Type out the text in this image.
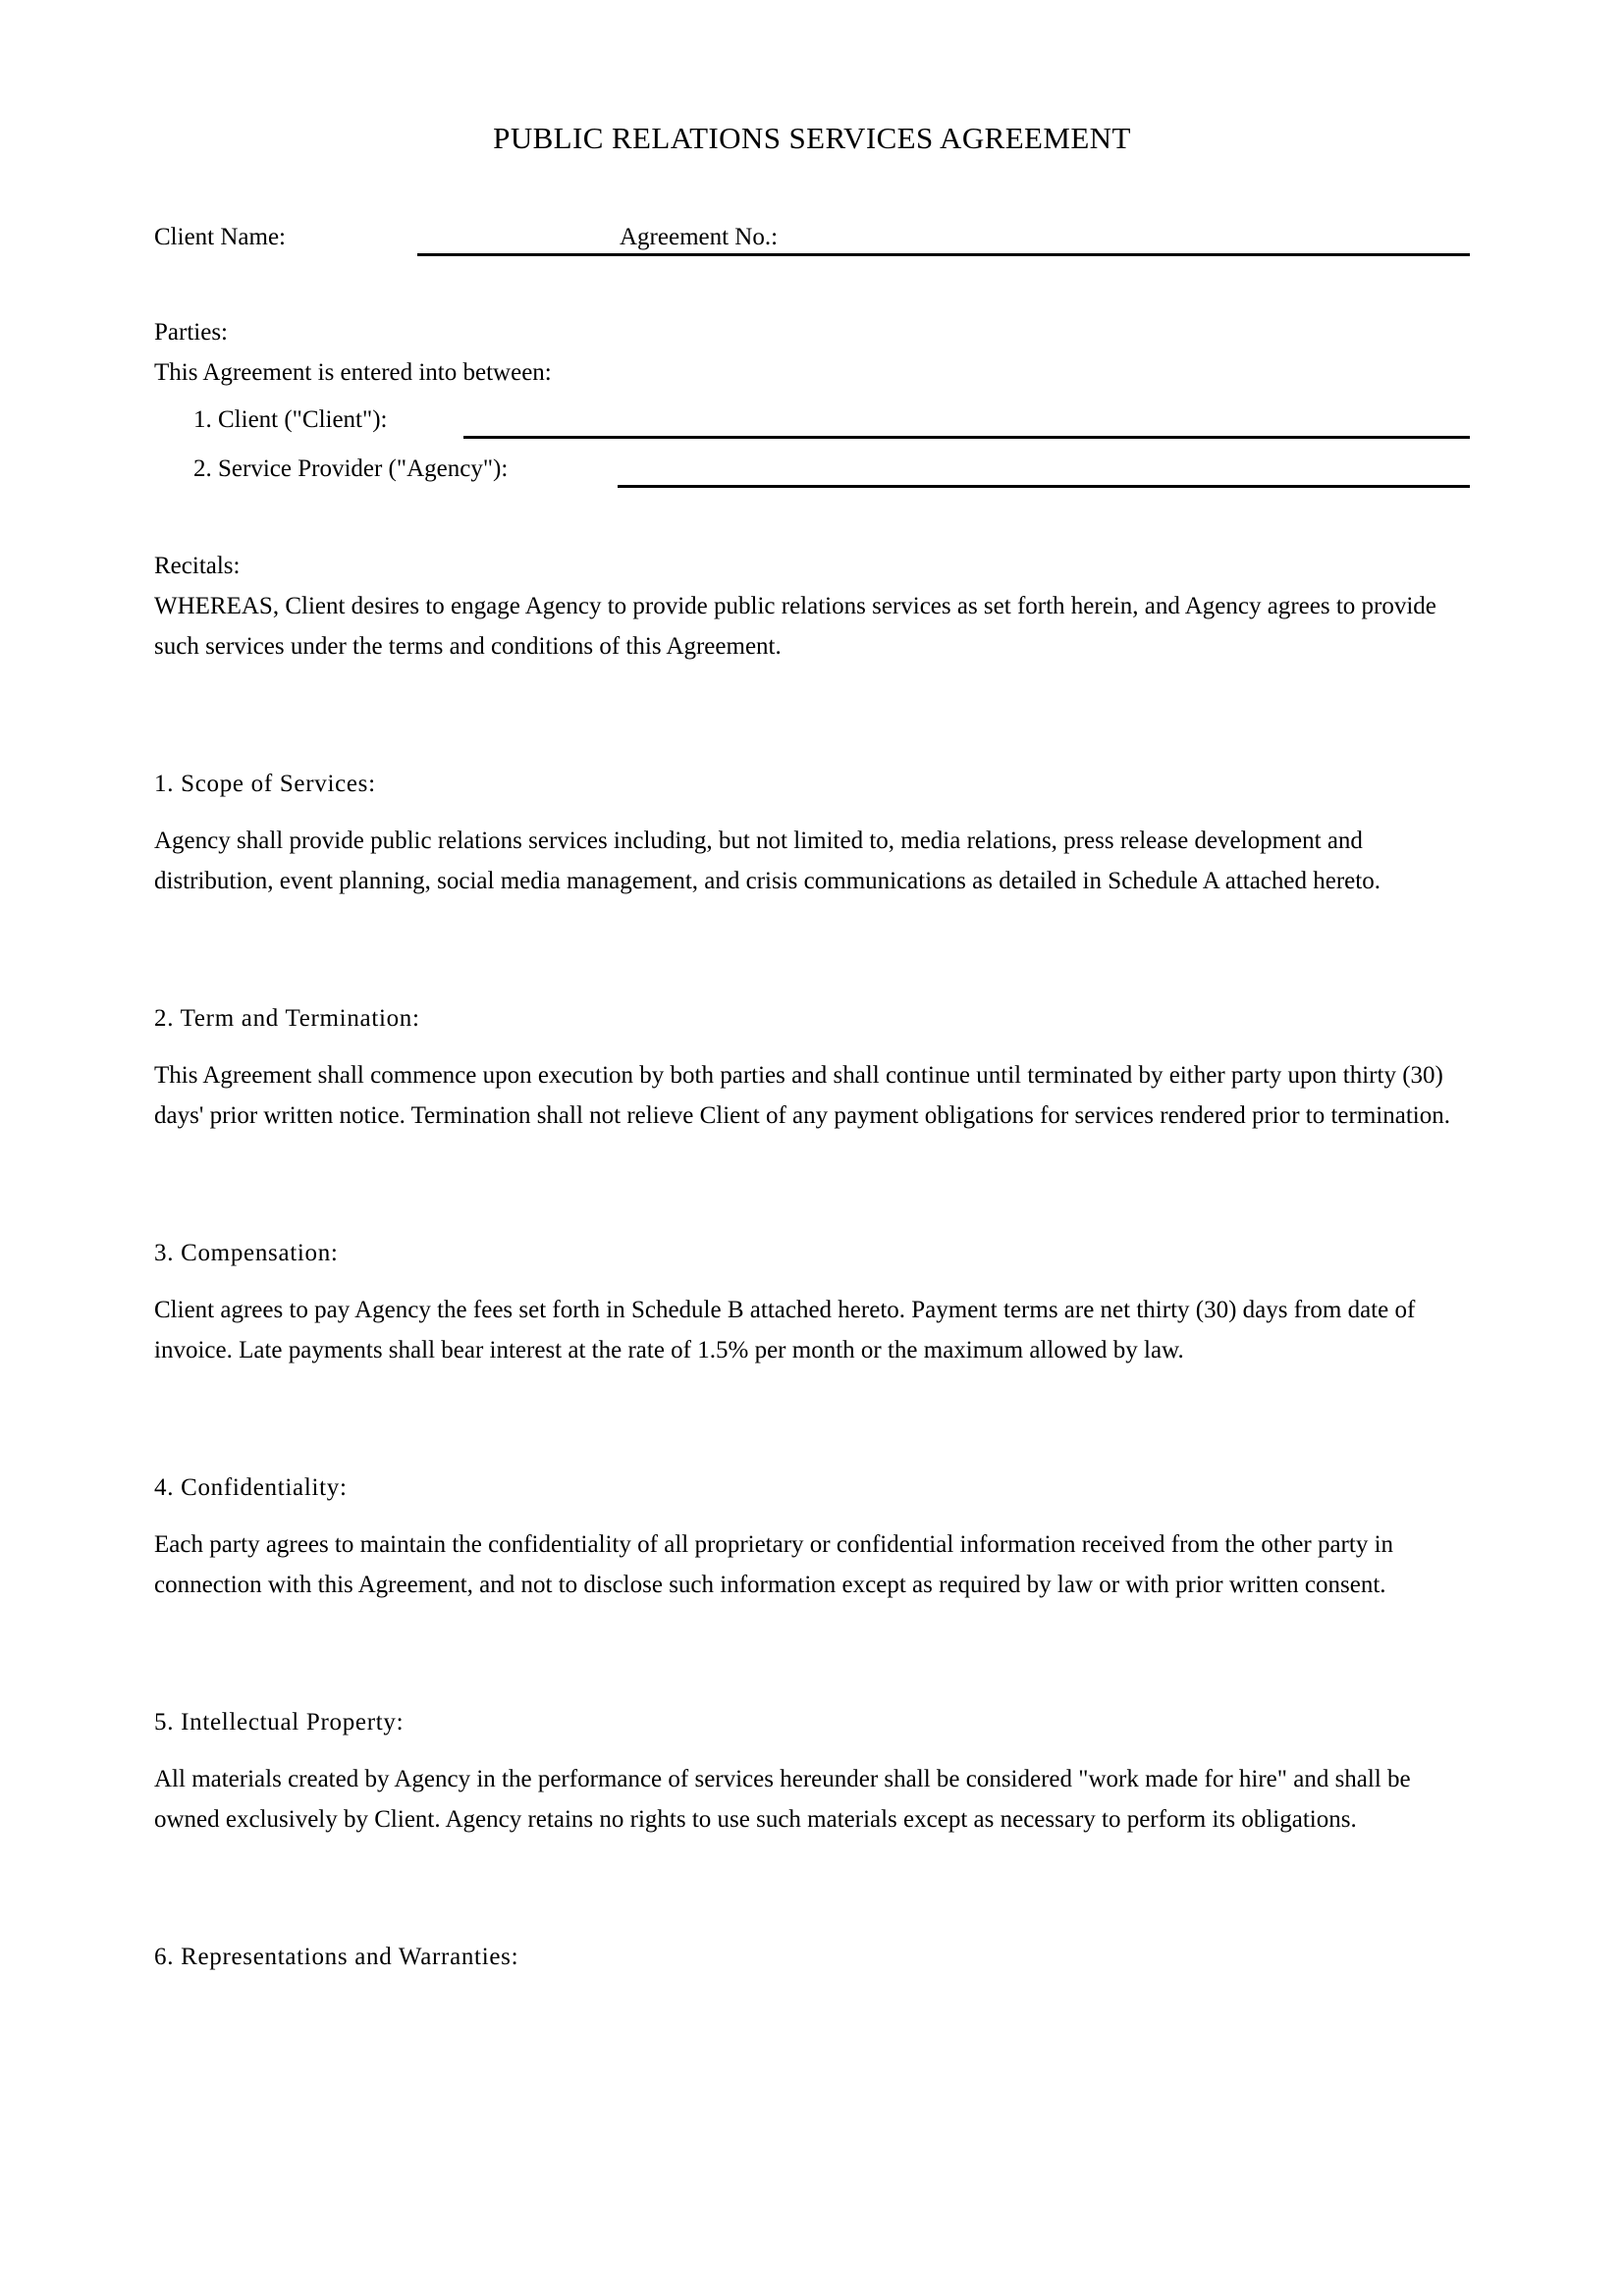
PUBLIC RELATIONS SERVICES AGREEMENT
Client Name:	Agreement No.:

Parties:

This Agreement is entered into between:

1. Client ("Client"):
2. Service Provider ("Agency"):

Recitals:

WHEREAS, Client desires to engage Agency to provide public relations services as set forth herein, and Agency agrees to provide such services under the terms and conditions of this Agreement.

1. Scope of Services:

Agency shall provide public relations services including, but not limited to, media relations, press release development and distribution, event planning, social media management, and crisis communications as detailed in Schedule A attached hereto.

2. Term and Termination:

This Agreement shall commence upon execution by both parties and shall continue until terminated by either party upon thirty (30) days' prior written notice. Termination shall not relieve Client of any payment obligations for services rendered prior to termination.

3. Compensation:

Client agrees to pay Agency the fees set forth in Schedule B attached hereto. Payment terms are net thirty (30) days from date of invoice. Late payments shall bear interest at the rate of 1.5% per month or the maximum allowed by law.

4. Confidentiality:

Each party agrees to maintain the confidentiality of all proprietary or confidential information received from the other party in connection with this Agreement, and not to disclose such information except as required by law or with prior written consent.

5. Intellectual Property:

All materials created by Agency in the performance of services hereunder shall be considered "work made for hire" and shall be owned exclusively by Client. Agency retains no rights to use such materials except as necessary to perform its obligations.

6. Representations and Warranties:
